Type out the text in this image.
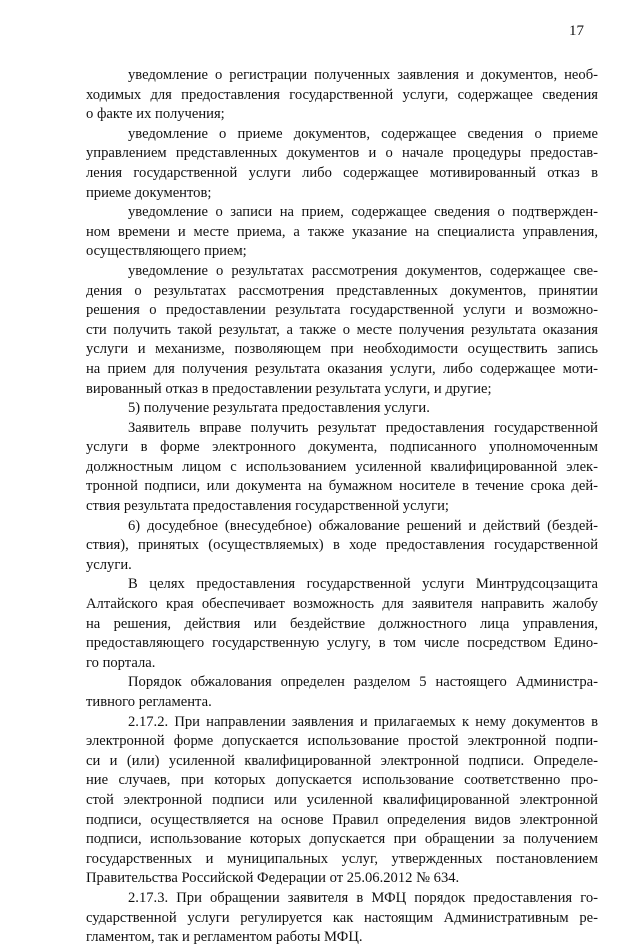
17
уведомление о регистрации полученных заявления и документов, необ-
ходимых для предоставления государственной услуги, содержащее сведения
о факте их получения;
уведомление о приеме документов, содержащее сведения о приеме
управлением представленных документов и о начале процедуры предостав-
ления государственной услуги либо содержащее мотивированный отказ в
приеме документов;
уведомление о записи на прием, содержащее сведения о подтвержден-
ном времени и месте приема, а также указание на специалиста управления,
осуществляющего прием;
уведомление о результатах рассмотрения документов, содержащее све-
дения о результатах рассмотрения представленных документов, принятии
решения о предоставлении результата государственной услуги и возможно-
сти получить такой результат, а также о месте получения результата оказания
услуги и механизме, позволяющем при необходимости осуществить запись
на прием для получения результата оказания услуги, либо содержащее моти-
вированный отказ в предоставлении результата услуги, и другие;
5) получение результата предоставления услуги.
Заявитель вправе получить результат предоставления государственной
услуги в форме электронного документа, подписанного уполномоченным
должностным лицом с использованием усиленной квалифицированной элек-
тронной подписи, или документа на бумажном носителе в течение срока дей-
ствия результата предоставления государственной услуги;
6) досудебное (внесудебное) обжалование решений и действий (бездей-
ствия), принятых (осуществляемых) в ходе предоставления государственной
услуги.
В целях предоставления государственной услуги Минтрудсоцзащита
Алтайского края обеспечивает возможность для заявителя направить жалобу
на решения, действия или бездействие должностного лица управления,
предоставляющего государственную услугу, в том числе посредством Едино-
го портала.
Порядок обжалования определен разделом 5 настоящего Администра-
тивного регламента.
2.17.2. При направлении заявления и прилагаемых к нему документов в
электронной форме допускается использование простой электронной подпи-
си и (или) усиленной квалифицированной электронной подписи. Определе-
ние случаев, при которых допускается использование соответственно про-
стой электронной подписи или усиленной квалифицированной электронной
подписи, осуществляется на основе Правил определения видов электронной
подписи, использование которых допускается при обращении за получением
государственных и муниципальных услуг, утвержденных постановлением
Правительства Российской Федерации от 25.06.2012 № 634.
2.17.3. При обращении заявителя в МФЦ порядок предоставления го-
сударственной услуги регулируется как настоящим Административным ре-
гламентом, так и регламентом работы МФЦ.
